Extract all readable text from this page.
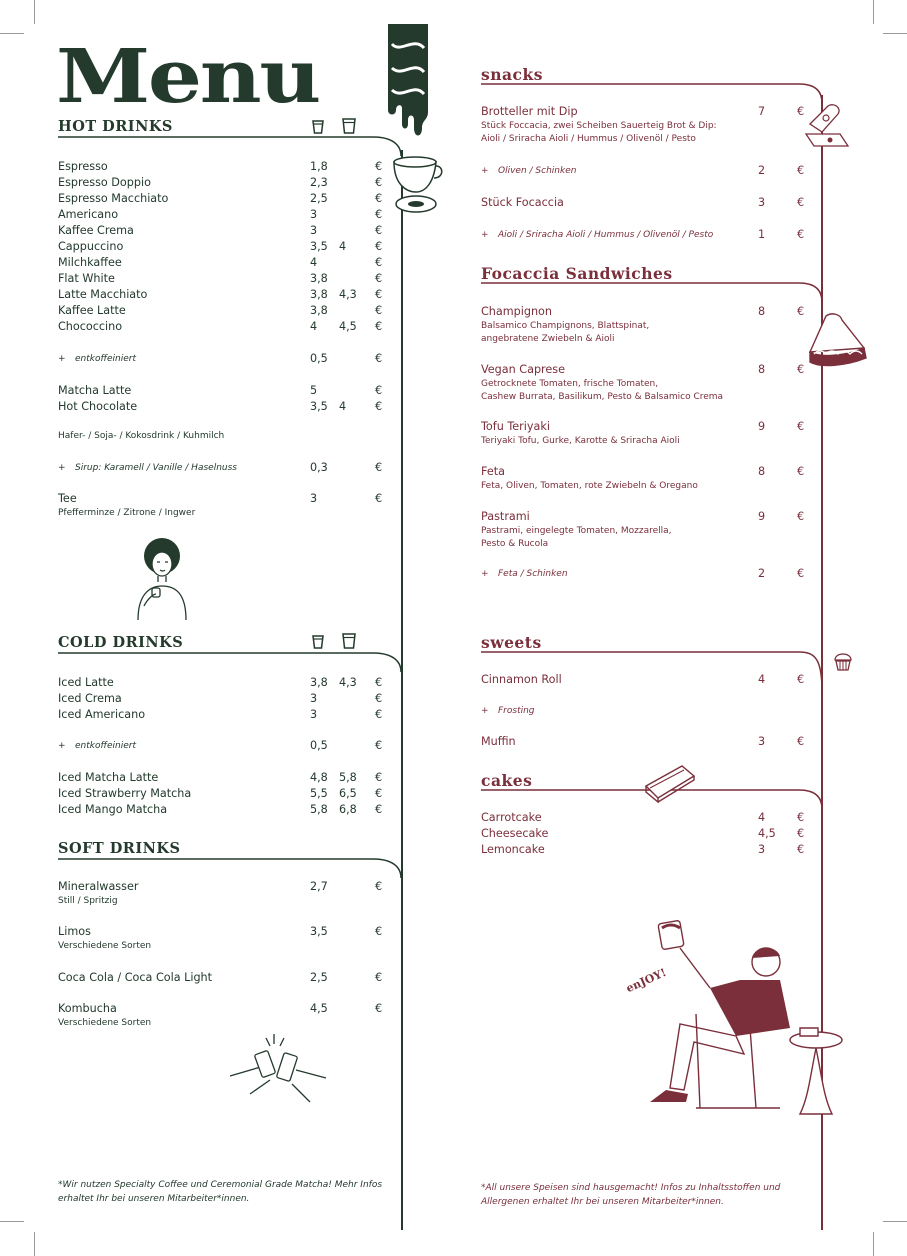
Menu
HOT DRINKS
Espresso	1,8	€
Espresso Doppio	2,3	€
Espresso Macchiato	2,5	€
Americano	3	€
Kaffee Crema	3	€
Cappuccino	3,5 4	€
Milchkaffee	4	€
Flat White	3,8	€
Latte Macchiato	3,8 4,3 €
Kaffee Latte	3,8	€
Chococcino	4 4,5 €
+ entkoffeiniert	0,5	€
Matcha Latte	5	€
Hot Chocolate	3,5 4	€
Hafer- / Soja- / Kokosdrink / Kuhmilch
+ Sirup: Karamell / Vanille / Haselnuss	0,3	€
Tee	3	€
Pfefferminze / Zitrone / Ingwer
COLD DRINKS
Iced Latte	3,8 4,3 €
Iced Crema	3	€
Iced Americano	3	€
+ entkoffeiniert	0,5	€
Iced Matcha Latte	4,8 5,8 €
Iced Strawberry Matcha	5,5 6,5 €
Iced Mango Matcha	5,8 6,8 €
SOFT DRINKS
Mineralwasser	2,7	€
Still / Spritzig
Limos	3,5	€
Verschiedene Sorten
Coca Cola / Coca Cola Light	2,5	€
Kombucha	4,5	€
Verschiedene Sorten
*Wir nutzen Specialty Coffee und Ceremonial Grade Matcha! Mehr Infos erhaltet Ihr bei unseren Mitarbeiter*innen.
snacks
Brotteller mit Dip	7	€
Stück Foccacia, zwei Scheiben Sauerteig Brot & Dip:
Aioli / Sriracha Aioli / Hummus / Olivenöl / Pesto
+ Oliven / Schinken	2	€
Stück Focaccia	3	€
+ Aioli / Sriracha Aioli / Hummus / Olivenöl / Pesto	1	€
Focaccia Sandwiches
Champignon	8	€
Balsamico Champignons, Blattspinat,
angebratene Zwiebeln & Aioli
Vegan Caprese	8	€
Getrocknete Tomaten, frische Tomaten,
Cashew Burrata, Basilikum, Pesto & Balsamico Crema
Tofu Teriyaki	9	€
Teriyaki Tofu, Gurke, Karotte & Sriracha Aioli
Feta	8	€
Feta, Oliven, Tomaten, rote Zwiebeln & Oregano
Pastrami	9	€
Pastrami, eingelegte Tomaten, Mozzarella,
Pesto & Rucola
+ Feta / Schinken	2	€
sweets
Cinnamon Roll	4	€
+ Frosting
Muffin	3	€
cakes
Carrotcake	4	€
Cheesecake	4,5 €
Lemoncake	3	€
enJOY!
*All unsere Speisen sind hausgemacht! Infos zu Inhaltsstoffen und Allergenen erhaltet Ihr bei unseren Mitarbeiter*innen.
